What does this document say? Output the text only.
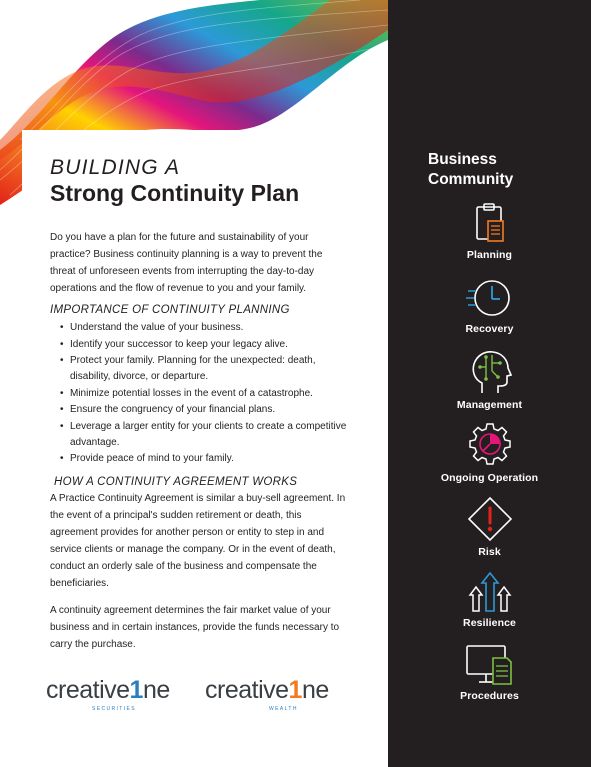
BUILDING A
Strong Continuity Plan
Do you have a plan for the future and sustainability of your practice? Business continuity planning is a way to prevent the threat of unforeseen events from interrupting the day-to-day operations and the flow of revenue to you and your family.
IMPORTANCE OF CONTINUITY PLANNING
• Understand the value of your business.
• Identify your successor to keep your legacy alive.
• Protect your family. Planning for the unexpected: death, disability, divorce, or departure.
• Minimize potential losses in the event of a catastrophe.
• Ensure the congruency of your financial plans.
• Leverage a larger entity for your clients to create a competitive advantage.
• Provide peace of mind to your family.
HOW A CONTINUITY AGREEMENT WORKS
A Practice Continuity Agreement is similar a buy-sell agreement. In the event of a principal's sudden retirement or death, this agreement provides for another person or entity to step in and service clients or manage the company. Or in the event of death, conduct an orderly sale of the business and compensate the beneficiaries.
A continuity agreement determines the fair market value of your business and in certain instances, provide the funds necessary to carry the purchase.
creative1ne
SECURITIES
creative1ne
WEALTH
Business
Community
Planning
Recovery
Management
Ongoing Operation
Risk
Resilience
Procedures
